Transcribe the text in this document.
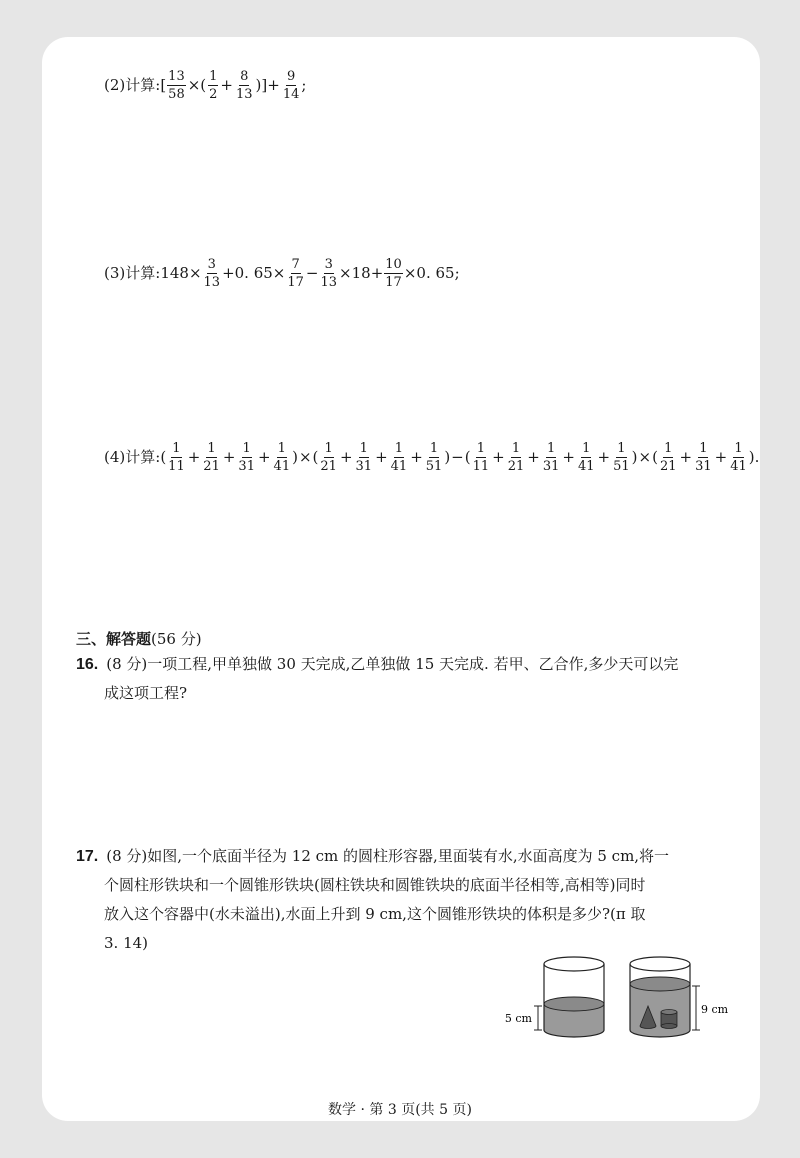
(2)计算: [ $\frac{13}{58}$ ×( $\frac{1}{2} + \frac{8}{13}$ )]+ $\frac{9}{14}$ ;
(3)计算: $148\times \frac{3}{13} +0$. $65\times \frac{7}{17} - \frac{3}{13} \times 18+ \frac{10}{17} \times 0$. 65;
(4)计算: ( $\frac{1}{11} + \frac{1}{21} + \frac{1}{31} + \frac{1}{41}$ ) × ( $\frac{1}{21} + \frac{1}{31} + \frac{1}{41} + \frac{1}{51}$ ) − ( $\frac{1}{11} + \frac{1}{21} + \frac{1}{31} + \frac{1}{41} + \frac{1}{51}$ ) × ( $\frac{1}{21} + \frac{1}{31} + \frac{1}{41}$ ) .
三、解答题(56 分)
16. (8 分)一项工程,甲单独做 30 天完成,乙单独做 15 天完成. 若甲、乙合作,多少天可以完
成这项工程?
17. (8 分)如图,一个底面半径为 12 cm 的圆柱形容器,里面装有水,水面高度为 5 cm,将一
个圆柱形铁块和一个圆锥形铁块(圆柱铁块和圆锥铁块的底面半径相等,高相等)同时
放入这个容器中(水未溢出),水面上升到 9 cm,这个圆锥形铁块的体积是多少?(π 取
3. 14)
5 cm
9 cm
数学 · 第 3 页(共 5 页)
